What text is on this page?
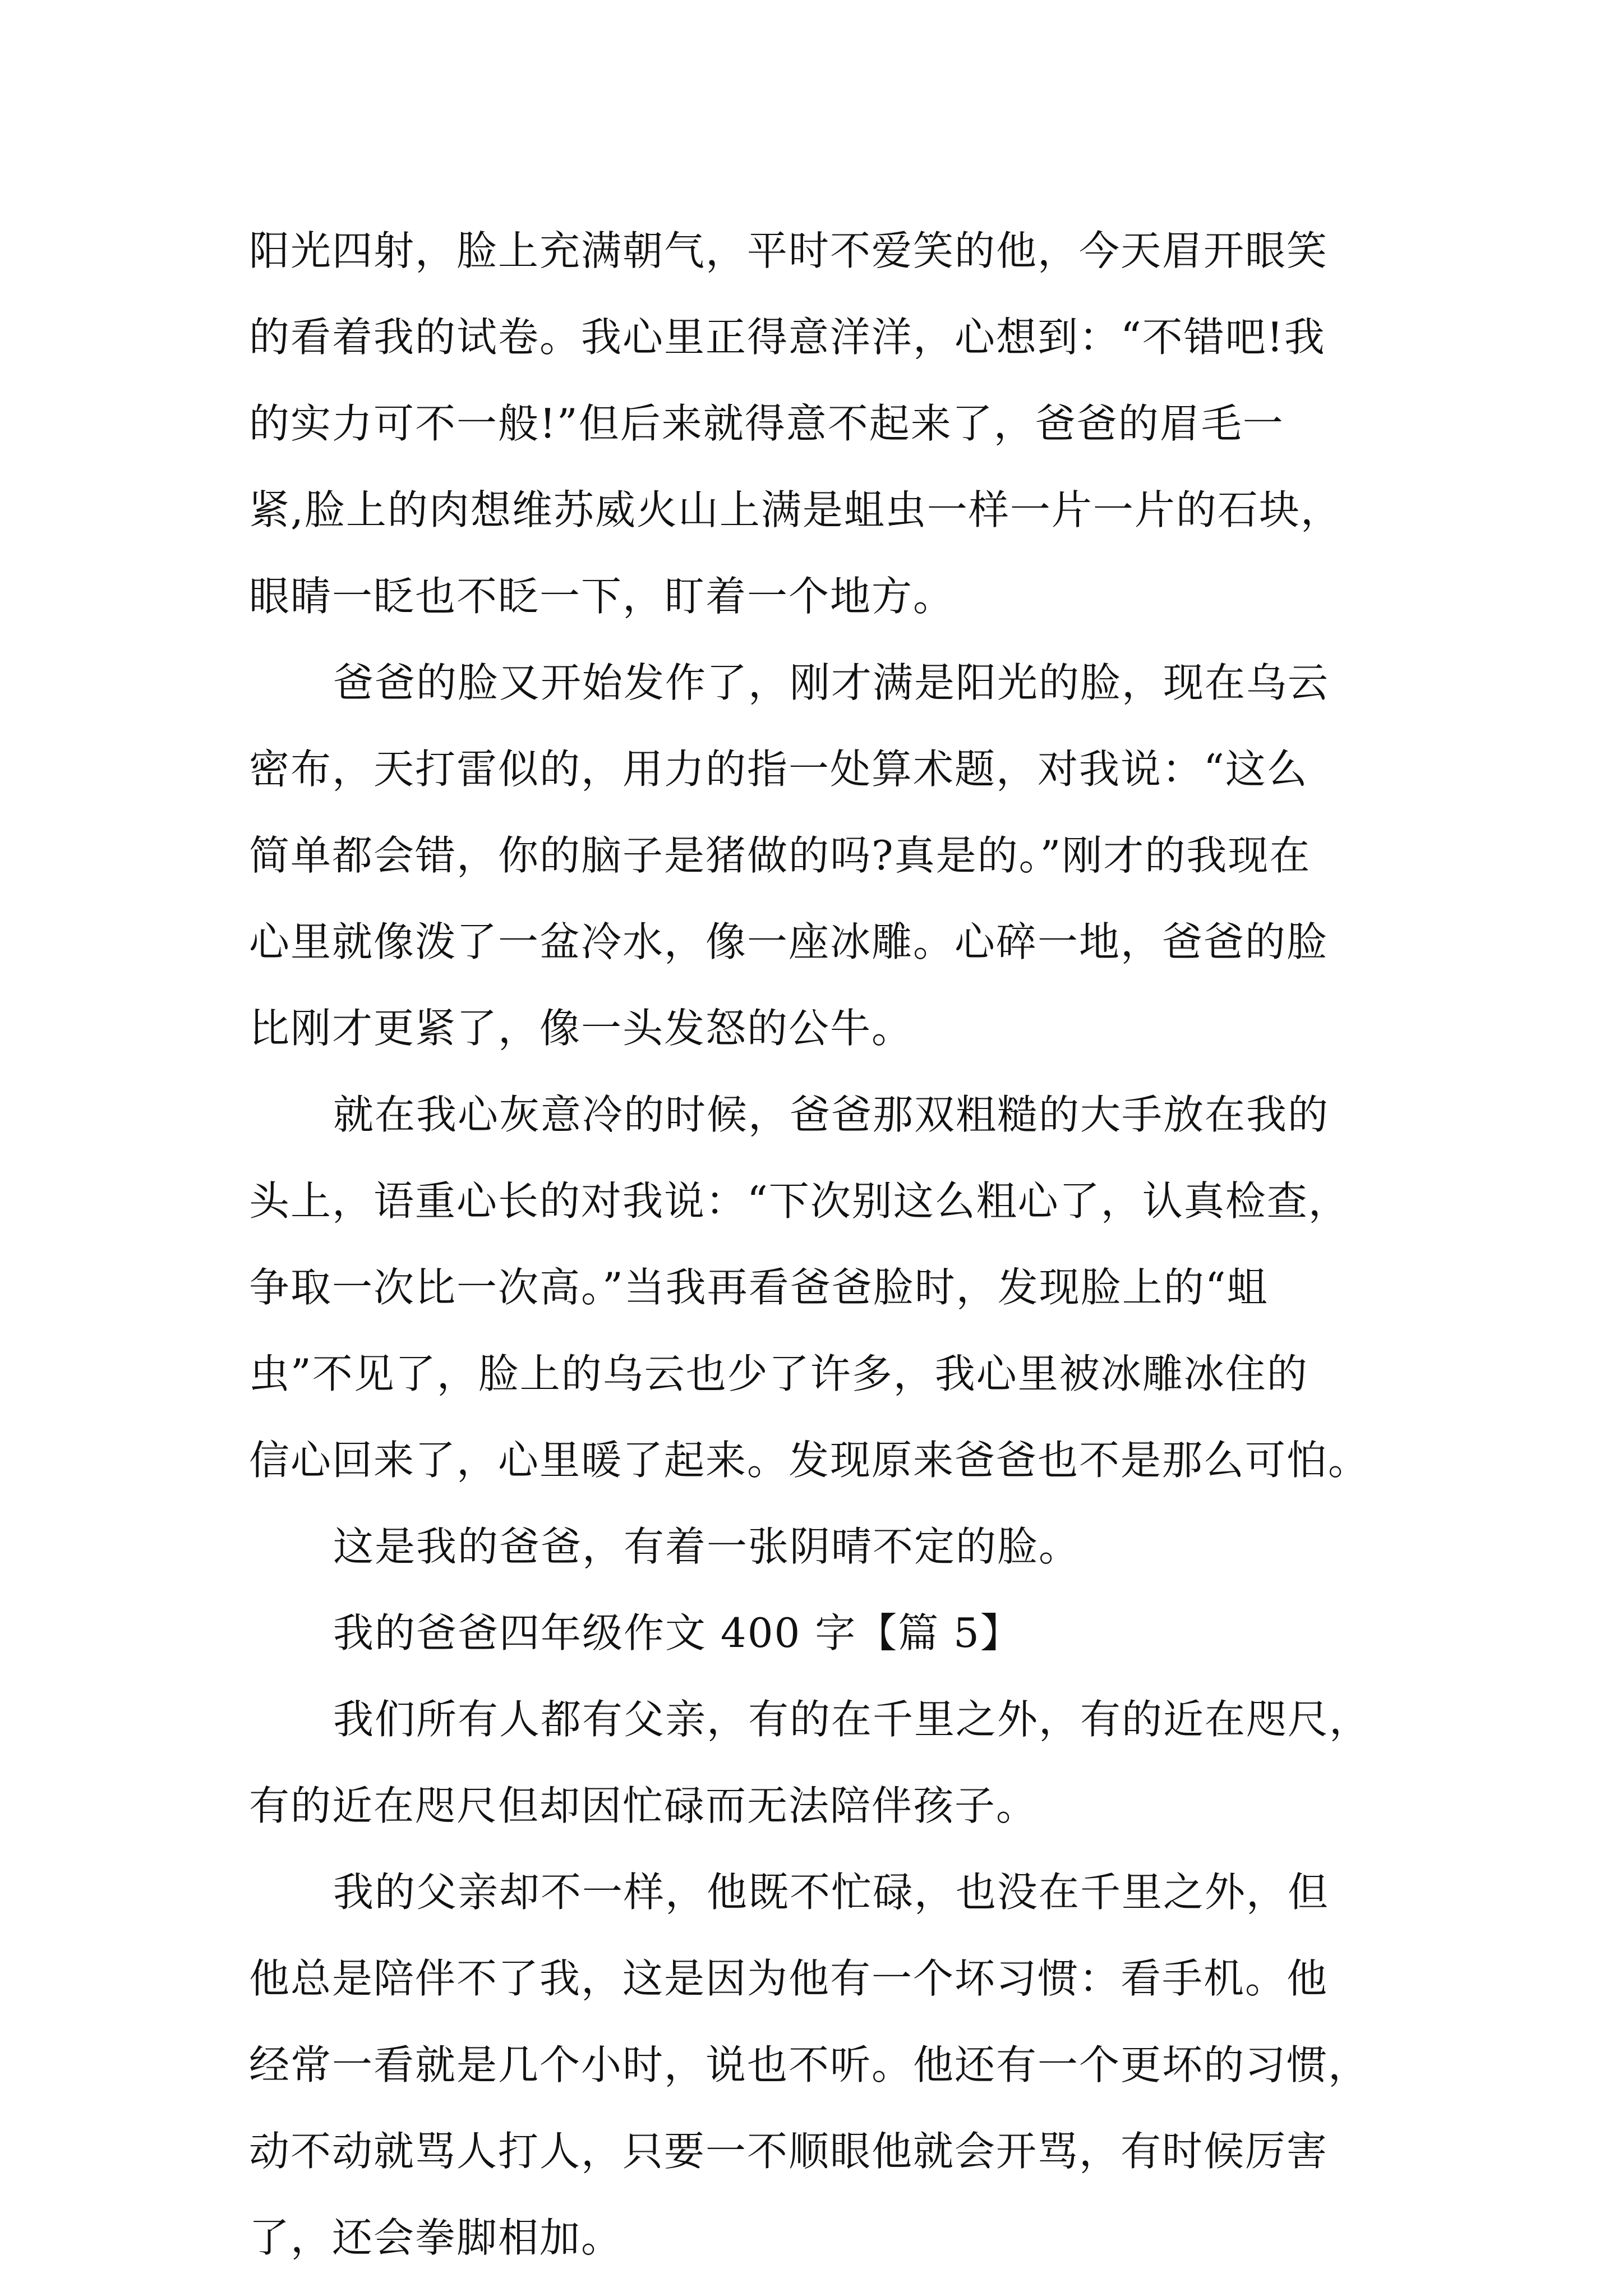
阳光四射，脸上充满朝气，平时不爱笑的他，今天眉开眼笑
的看着我的试卷。我心里正得意洋洋，心想到：“不错吧!我
的实力可不一般!”但后来就得意不起来了，爸爸的眉毛一
紧,脸上的肉想维苏威火山上满是蛆虫一样一片一片的石块，
眼睛一眨也不眨一下，盯着一个地方。
爸爸的脸又开始发作了，刚才满是阳光的脸，现在乌云
密布，天打雷似的，用力的指一处算术题，对我说：“这么
简单都会错，你的脑子是猪做的吗?真是的。”刚才的我现在
心里就像泼了一盆冷水，像一座冰雕。心碎一地，爸爸的脸
比刚才更紧了，像一头发怒的公牛。
就在我心灰意冷的时候，爸爸那双粗糙的大手放在我的
头上，语重心长的对我说：“下次别这么粗心了，认真检查，
争取一次比一次高。”当我再看爸爸脸时，发现脸上的“蛆
虫”不见了，脸上的乌云也少了许多，我心里被冰雕冰住的
信心回来了，心里暖了起来。发现原来爸爸也不是那么可怕。
这是我的爸爸，有着一张阴晴不定的脸。
我的爸爸四年级作文 400 字【篇 5】
我们所有人都有父亲，有的在千里之外，有的近在咫尺，
有的近在咫尺但却因忙碌而无法陪伴孩子。
我的父亲却不一样，他既不忙碌，也没在千里之外，但
他总是陪伴不了我，这是因为他有一个坏习惯：看手机。他
经常一看就是几个小时，说也不听。他还有一个更坏的习惯，
动不动就骂人打人，只要一不顺眼他就会开骂，有时候厉害
了，还会拳脚相加。
